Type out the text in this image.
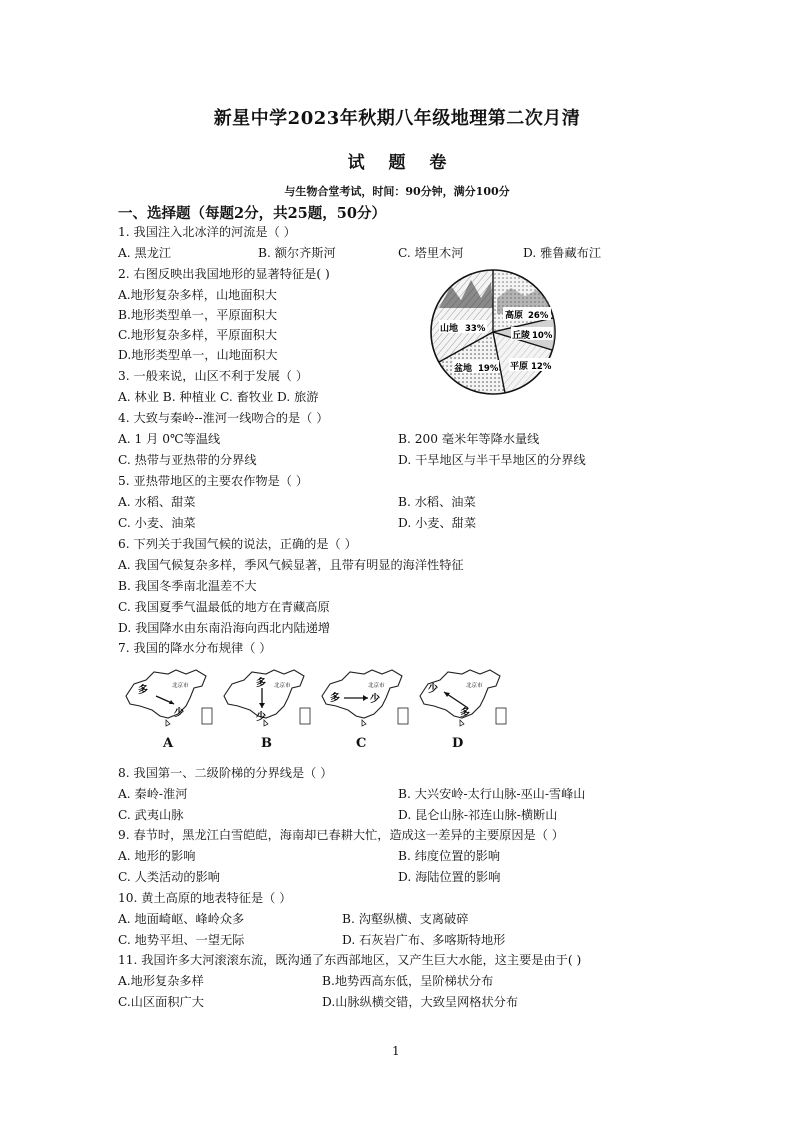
新星中学2023年秋期八年级地理第二次月清
试 题 卷
与生物合堂考试，时间：90分钟，满分100分
一、选择题（每题2分，共25题，50分）
1. 我国注入北冰洋的河流是（ ）
A. 黑龙江	B. 额尔齐斯河	C. 塔里木河	D. 雅鲁藏布江
2. 右图反映出我国地形的显著特征是( )
A.地形复杂多样，山地面积大
B.地形类型单一，平原面积大
C.地形复杂多样，平原面积大
D.地形类型单一，山地面积大
高原 26%
山地 33%
丘陵 10%
盆地 19% 平原 12%
3. 一般来说，山区不利于发展（ ）
A. 林业 B. 种植业 C. 畜牧业 D. 旅游
4. 大致与秦岭--淮河一线吻合的是（ ）
A. 1 月 0℃等温线	B. 200 毫米年等降水量线
C. 热带与亚热带的分界线	D. 干旱地区与半干旱地区的分界线
5. 亚热带地区的主要农作物是（ ）
A. 水稻、甜菜	B. 水稻、油菜
C. 小麦、油菜	D. 小麦、甜菜
6. 下列关于我国气候的说法，正确的是（ ）
A. 我国气候复杂多样，季风气候显著，且带有明显的海洋性特征
B. 我国冬季南北温差不大
C. 我国夏季气温最低的地方在青藏高原
D. 我国降水由东南沿海向西北内陆递增
7. 我国的降水分布规律（ ）
多
少
北京市	多
少
北京市
多	少
北京市	少
多
北京市
A	B	C	D
8. 我国第一、二级阶梯的分界线是（ ）
A. 秦岭-淮河	B. 大兴安岭-太行山脉-巫山-雪峰山
C. 武夷山脉	D. 昆仑山脉-祁连山脉-横断山
9. 春节时，黑龙江白雪皑皑，海南却已春耕大忙，造成这一差异的主要原因是（ ）
A. 地形的影响	B. 纬度位置的影响
C. 人类活动的影响	D. 海陆位置的影响
10. 黄土高原的地表特征是（ ）
A. 地面崎岖、峰岭众多	B. 沟壑纵横、支离破碎
C. 地势平坦、一望无际	D. 石灰岩广布、多喀斯特地形
11. 我国许多大河滚滚东流，既沟通了东西部地区，又产生巨大水能，这主要是由于( )
A.地形复杂多样	B.地势西高东低，呈阶梯状分布
C.山区面积广大	D.山脉纵横交错，大致呈网格状分布
1
